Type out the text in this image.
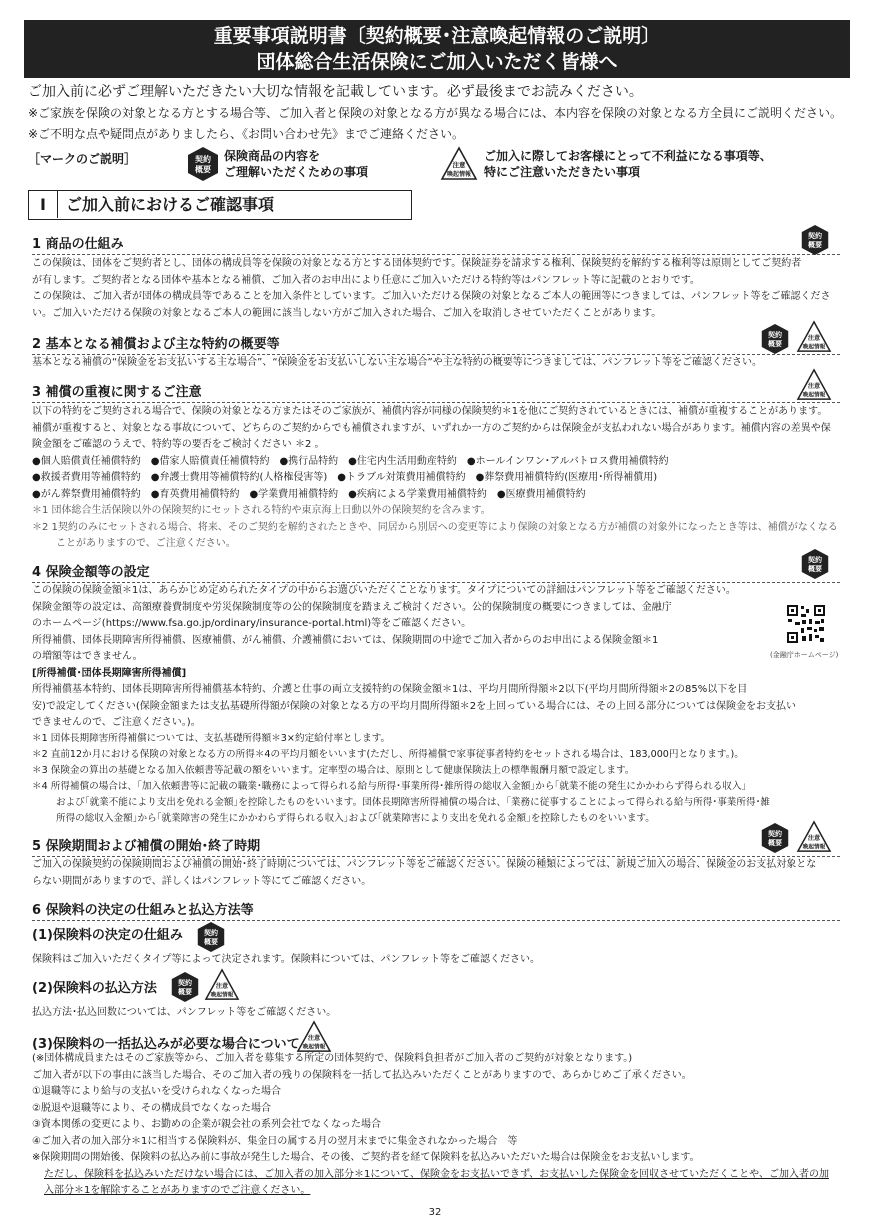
重要事項説明書〔契約概要･注意喚起情報のご説明〕
団体総合生活保険にご加入いただく皆様へ
ご加入前に必ずご理解いただきたい大切な情報を記載しています。必ず最後までお読みください。
※ご家族を保険の対象となる方とする場合等、ご加入者と保険の対象となる方が異なる場合には、本内容を保険の対象となる方全員にご説明ください。
※ご不明な点や疑問点がありましたら、《お問い合わせ先》までご連絡ください。
［マークのご説明］	契約
概要
保険商品の内容を
ご理解いただくための事項	注意
喚起情報
ご加入に際してお客様にとって不利益になる事項等、
特にご注意いただきたい事項
I ご加入前におけるご確認事項
1 商品の仕組み
契約
概要
この保険は、団体をご契約者とし、団体の構成員等を保険の対象となる方とする団体契約です。保険証券を請求する権利、保険契約を解約する権利等は原則としてご契約者
が有します。ご契約者となる団体や基本となる補償、ご加入者のお申出により任意にご加入いただける特約等はパンフレット等に記載のとおりです。
この保険は、ご加入者が団体の構成員等であることを加入条件としています。ご加入いただける保険の対象となるご本人の範囲等につきましては、パンフレット等をご確認くださ
い。ご加入いただける保険の対象となるご本人の範囲に該当しない方がご加入された場合、ご加入を取消しさせていただくことがあります。
2 基本となる補償および主な特約の概要等
契約
概要
注意
喚起情報
基本となる補償の“保険金をお支払いする主な場合”、“保険金をお支払いしない主な場合”や主な特約の概要等につきましては、パンフレット等をご確認ください。
3 補償の重複に関するご注意	注意
喚起情報
以下の特約をご契約される場合で、保険の対象となる方またはそのご家族が、補償内容が同様の保険契約＊1を他にご契約されているときには、補償が重複することがあります。
補償が重複すると、対象となる事故について、どちらのご契約からでも補償されますが、いずれか一方のご契約からは保険金が支払われない場合があります。補償内容の差異や保
険金額をご確認のうえで、特約等の要否をご検討ください ＊2 。
●個人賠償責任補償特約　●借家人賠償責任補償特約　●携行品特約　●住宅内生活用動産特約　●ホールインワン･アルバトロス費用補償特約
●救援者費用等補償特約　●弁護士費用等補償特約(人格権侵害等)　●トラブル対策費用補償特約　●葬祭費用補償特約(医療用･所得補償用)
●がん葬祭費用補償特約　●育英費用補償特約　●学業費用補償特約　●疾病による学業費用補償特約　●医療費用補償特約
＊1 団体総合生活保険以外の保険契約にセットされる特約や東京海上日動以外の保険契約を含みます。
＊2 1契約のみにセットされる場合、将来、そのご契約を解約されたときや、同居から別居への変更等により保険の対象となる方が補償の対象外になったとき等は、補償がなくなる
ことがありますので、ご注意ください。
4 保険金額等の設定
契約
概要
この保険の保険金額＊1は、あらかじめ定められたタイプの中からお選びいただくことなります。タイプについての詳細はパンフレット等をご確認ください。
保険金額等の設定は、高額療養費制度や労災保険制度等の公的保険制度を踏まえご検討ください。公的保険制度の概要につきましては、金融庁
のホームページ(https://www.fsa.go.jp/ordinary/insurance-portal.html)等をご確認ください。
所得補償、団体長期障害所得補償、医療補償、がん補償、介護補償においては、保険期間の中途でご加入者からのお申出による保険金額＊1
の増額等はできません。
[所得補償･団体長期障害所得補償]
(金融庁ホームページ)
所得補償基本特約、団体長期障害所得補償基本特約、介護と仕事の両立支援特約の保険金額＊1は、平均月間所得額＊2以下(平均月間所得額＊2の85%以下を目
安)で設定してください(保険金額または支払基礎所得額が保険の対象となる方の平均月間所得額＊2を上回っている場合には、その上回る部分については保険金をお支払い
できませんので、ご注意ください。)。
＊1 団体長期障害所得補償については、支払基礎所得額＊3×約定給付率とします。
＊2 直前12か月における保険の対象となる方の所得＊4の平均月額をいいます(ただし、所得補償で家事従事者特約をセットされる場合は、183,000円となります。)。
＊3 保険金の算出の基礎となる加入依頼書等記載の額をいいます。定率型の場合は、原則として健康保険法上の標準報酬月額で設定します。
＊4 所得補償の場合は、｢加入依頼書等に記載の職業･職務によって得られる給与所得･事業所得･雑所得の総収入金額｣から｢就業不能の発生にかかわらず得られる収入｣
および｢就業不能により支出を免れる金額｣を控除したものをいいます。団体長期障害所得補償の場合は、｢業務に従事することによって得られる給与所得･事業所得･雑
所得の総収入金額｣から｢就業障害の発生にかかわらず得られる収入｣および｢就業障害により支出を免れる金額｣を控除したものをいいます。
5 保険期間および補償の開始･終了時期
契約
概要	注意
喚起情報
ご加入の保険契約の保険期間および補償の開始･終了時期については、パンフレット等をご確認ください。保険の種類によっては、新規ご加入の場合、保険金のお支払対象とな
らない期間がありますので、詳しくはパンフレット等にてご確認ください。
6 保険料の決定の仕組みと払込方法等
(1)保険料の決定の仕組み	契約
概要
保険料はご加入いただくタイプ等によって決定されます。保険料については、パンフレット等をご確認ください。
(2)保険料の払込方法	契約
概要
注意
喚起情報
払込方法･払込回数については、パンフレット等をご確認ください。
(3)保険料の一括払込みが必要な場合について 注意
喚起情報
(※団体構成員またはそのご家族等から、ご加入者を募集する所定の団体契約で、保険料負担者がご加入者のご契約が対象となります。)
ご加入者が以下の事由に該当した場合、そのご加入者の残りの保険料を一括して払込みいただくことがありますので、あらかじめご了承ください。
①退職等により給与の支払いを受けられなくなった場合
②脱退や退職等により、その構成員でなくなった場合
③資本関係の変更により、お勤めの企業が親会社の系列会社でなくなった場合
④ご加入者の加入部分＊1に相当する保険料が、集金日の属する月の翌月末までに集金されなかった場合　等
※保険期間の開始後、保険料の払込み前に事故が発生した場合、その後、ご契約者を経て保険料を払込みいただいた場合は保険金をお支払いします。
ただし、保険料を払込みいただけない場合には、ご加入者の加入部分＊1について、保険金をお支払いできず、お支払いした保険金を回収させていただくことや、ご加入者の加
入部分＊1を解除することがありますのでご注意ください。
32
